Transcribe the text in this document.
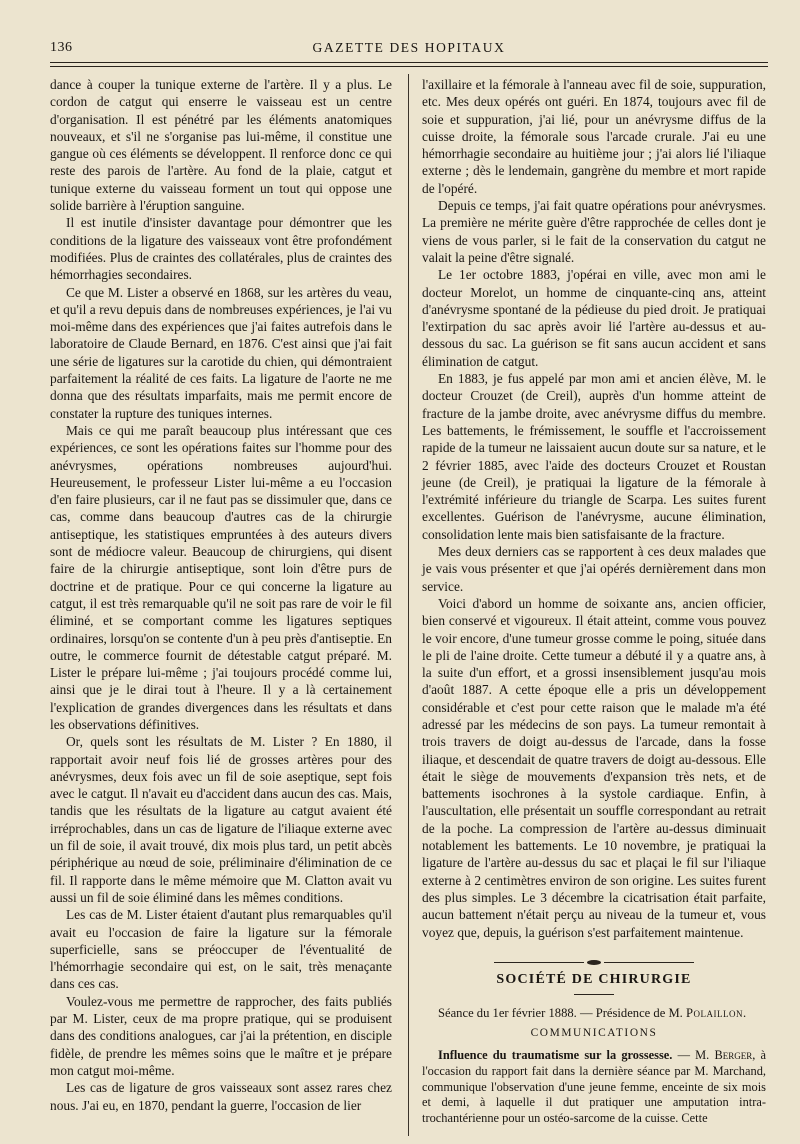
136	GAZETTE DES HOPITAUX

dance à couper la tunique externe de l'artère. Il y a plus. Le cordon de catgut qui enserre le vaisseau est un centre d'organisation. Il est pénétré par les éléments anatomiques nouveaux, et s'il ne s'organise pas lui-même, il constitue une gangue où ces éléments se développent. Il renforce donc ce qui reste des parois de l'artère. Au fond de la plaie, catgut et tunique externe du vaisseau forment un tout qui oppose une solide barrière à l'éruption sanguine.

Il est inutile d'insister davantage pour démontrer que les conditions de la ligature des vaisseaux vont être profondément modifiées. Plus de craintes des collatérales, plus de craintes des hémorrhagies secondaires.

Ce que M. Lister a observé en 1868, sur les artères du veau, et qu'il a revu depuis dans de nombreuses expériences, je l'ai vu moi-même dans des expériences que j'ai faites autrefois dans le laboratoire de Claude Bernard, en 1876. C'est ainsi que j'ai fait une série de ligatures sur la carotide du chien, qui démontraient parfaitement la réalité de ces faits. La ligature de l'aorte ne me donna que des résultats imparfaits, mais me permit encore de constater la rupture des tuniques internes.

Mais ce qui me paraît beaucoup plus intéressant que ces expériences, ce sont les opérations faites sur l'homme pour des anévrysmes, opérations nombreuses aujourd'hui. Heureusement, le professeur Lister lui-même a eu l'occasion d'en faire plusieurs, car il ne faut pas se dissimuler que, dans ce cas, comme dans beaucoup d'autres cas de la chirurgie antiseptique, les statistiques empruntées à des auteurs divers sont de médiocre valeur. Beaucoup de chirurgiens, qui disent faire de la chirurgie antiseptique, sont loin d'être purs de doctrine et de pratique. Pour ce qui concerne la ligature au catgut, il est très remarquable qu'il ne soit pas rare de voir le fil éliminé, et se comportant comme les ligatures septiques ordinaires, lorsqu'on se contente d'un à peu près d'antiseptie. En outre, le commerce fournit de détestable catgut préparé. M. Lister le prépare lui-même ; j'ai toujours procédé comme lui, ainsi que je le dirai tout à l'heure. Il y a là certainement l'explication de grandes divergences dans les résultats et dans les observations définitives.

Or, quels sont les résultats de M. Lister ? En 1880, il rapportait avoir neuf fois lié de grosses artères pour des anévrysmes, deux fois avec un fil de soie aseptique, sept fois avec le catgut. Il n'avait eu d'accident dans aucun des cas. Mais, tandis que les résultats de la ligature au catgut avaient été irréprochables, dans un cas de ligature de l'iliaque externe avec un fil de soie, il avait trouvé, dix mois plus tard, un petit abcès périphérique au nœud de soie, préliminaire d'élimination de ce fil. Il rapporte dans le même mémoire que M. Clatton avait vu aussi un fil de soie éliminé dans les mêmes conditions.

Les cas de M. Lister étaient d'autant plus remarquables qu'il avait eu l'occasion de faire la ligature sur la fémorale superficielle, sans se préoccuper de l'éventualité de l'hémorrhagie secondaire qui est, on le sait, très menaçante dans ces cas.

Voulez-vous me permettre de rapprocher, des faits publiés par M. Lister, ceux de ma propre pratique, qui se produisent dans des conditions analogues, car j'ai la prétention, en disciple fidèle, de prendre les mêmes soins que le maître et je prépare mon catgut moi-même.

Les cas de ligature de gros vaisseaux sont assez rares chez nous. J'ai eu, en 1870, pendant la guerre, l'occasion de lier

l'axillaire et la fémorale à l'anneau avec fil de soie, suppuration, etc. Mes deux opérés ont guéri. En 1874, toujours avec fil de soie et suppuration, j'ai lié, pour un anévrysme diffus de la cuisse droite, la fémorale sous l'arcade crurale. J'ai eu une hémorrhagie secondaire au huitième jour ; j'ai alors lié l'iliaque externe ; dès le lendemain, gangrène du membre et mort rapide de l'opéré.

Depuis ce temps, j'ai fait quatre opérations pour anévrysmes. La première ne mérite guère d'être rapprochée de celles dont je viens de vous parler, si le fait de la conservation du catgut ne valait la peine d'être signalé.

Le 1er octobre 1883, j'opérai en ville, avec mon ami le docteur Morelot, un homme de cinquante-cinq ans, atteint d'anévrysme spontané de la pédieuse du pied droit. Je pratiquai l'extirpation du sac après avoir lié l'artère au-dessus et au-dessous du sac. La guérison se fit sans aucun accident et sans élimination de catgut.

En 1883, je fus appelé par mon ami et ancien élève, M. le docteur Crouzet (de Creil), auprès d'un homme atteint de fracture de la jambe droite, avec anévrysme diffus du membre. Les battements, le frémissement, le souffle et l'accroissement rapide de la tumeur ne laissaient aucun doute sur sa nature, et le 2 février 1885, avec l'aide des docteurs Crouzet et Roustan jeune (de Creil), je pratiquai la ligature de la fémorale à l'extrémité inférieure du triangle de Scarpa. Les suites furent excellentes. Guérison de l'anévrysme, aucune élimination, consolidation lente mais bien satisfaisante de la fracture.

Mes deux derniers cas se rapportent à ces deux malades que je vais vous présenter et que j'ai opérés dernièrement dans mon service.

Voici d'abord un homme de soixante ans, ancien officier, bien conservé et vigoureux. Il était atteint, comme vous pouvez le voir encore, d'une tumeur grosse comme le poing, située dans le pli de l'aine droite. Cette tumeur a débuté il y a quatre ans, à la suite d'un effort, et a grossi insensiblement jusqu'au mois d'août 1887. A cette époque elle a pris un développement considérable et c'est pour cette raison que le malade m'a été adressé par les médecins de son pays. La tumeur remontait à trois travers de doigt au-dessus de l'arcade, dans la fosse iliaque, et descendait de quatre travers de doigt au-dessous. Elle était le siège de mouvements d'expansion très nets, et de battements isochrones à la systole cardiaque. Enfin, à l'auscultation, elle présentait un souffle correspondant au retrait de la poche. La compression de l'artère au-dessus diminuait notablement les battements. Le 10 novembre, je pratiquai la ligature de l'artère au-dessus du sac et plaçai le fil sur l'iliaque externe à 2 centimètres environ de son origine. Les suites furent des plus simples. Le 3 décembre la cicatrisation était parfaite, aucun battement n'était perçu au niveau de la tumeur et, vous voyez que, depuis, la guérison s'est parfaitement maintenue.

SOCIÉTÉ DE CHIRURGIE

Séance du 1er février 1888. — Présidence de M. Polaillon.

COMMUNICATIONS

Influence du traumatisme sur la grossesse. — M. Berger, à l'occasion du rapport fait dans la dernière séance par M. Marchand, communique l'observation d'une jeune femme, enceinte de six mois et demi, à laquelle il dut pratiquer une amputation intra-trochantérienne pour un ostéo-sarcome de la cuisse. Cette
